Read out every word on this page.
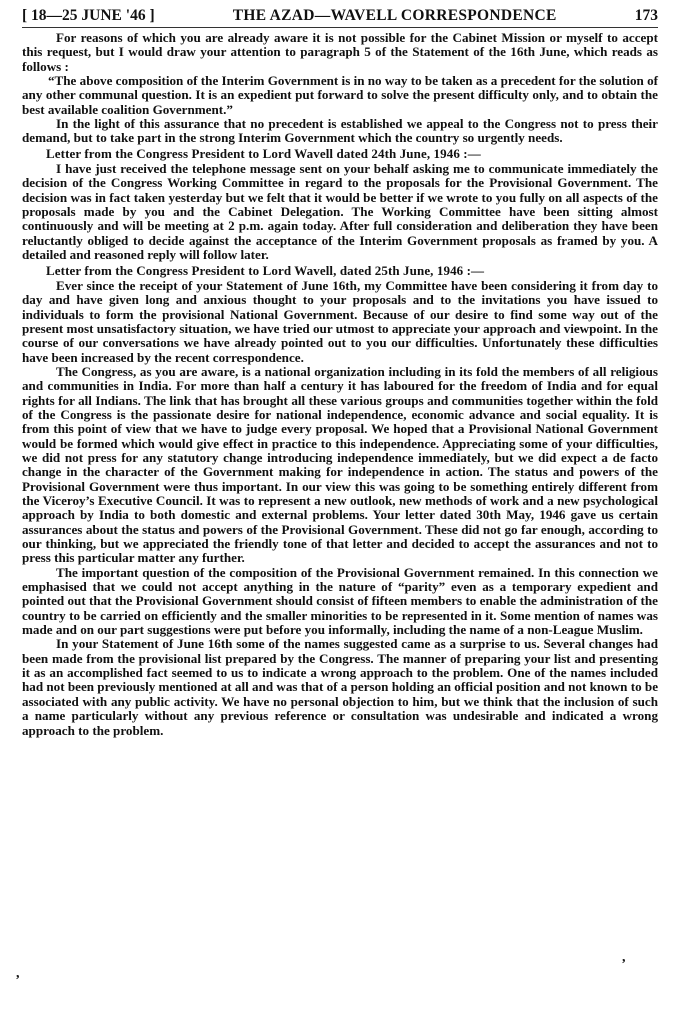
[ 18—25 JUNE '46 ]	THE AZAD—WAVELL CORRESPONDENCE	173

For reasons of which you are already aware it is not possible for the Cabinet Mission or myself to accept this request, but I would draw your attention to paragraph 5 of the Statement of the 16th June, which reads as follows :

“The above composition of the Interim Government is in no way to be taken as a precedent for the solution of any other communal question. It is an expedient put forward to solve the present difficulty only, and to obtain the best available coalition Government.”

In the light of this assurance that no precedent is established we appeal to the Congress not to press their demand, but to take part in the strong Interim Government which the country so urgently needs.

Letter from the Congress President to Lord Wavell dated 24th June, 1946 :—

I have just received the telephone message sent on your behalf asking me to communicate immediately the decision of the Congress Working Committee in regard to the proposals for the Provisional Government. The decision was in fact taken yesterday but we felt that it would be better if we wrote to you fully on all aspects of the proposals made by you and the Cabinet Delegation. The Working Committee have been sitting almost continuously and will be meeting at 2 p.m. again today. After full consideration and deliberation they have been reluctantly obliged to decide against the acceptance of the Interim Government proposals as framed by you. A detailed and reasoned reply will follow later.

Letter from the Congress President to Lord Wavell, dated 25th June, 1946 :—

Ever since the receipt of your Statement of June 16th, my Committee have been considering it from day to day and have given long and anxious thought to your proposals and to the invitations you have issued to individuals to form the provisional National Government. Because of our desire to find some way out of the present most unsatisfactory situation, we have tried our utmost to appreciate your approach and viewpoint. In the course of our conversations we have already pointed out to you our difficulties. Unfortunately these difficulties have been increased by the recent correspondence.

The Congress, as you are aware, is a national organization including in its fold the members of all religious and communities in India. For more than half a century it has laboured for the freedom of India and for equal rights for all Indians. The link that has brought all these various groups and communities together within the fold of the Congress is the passionate desire for national independence, economic advance and social equality. It is from this point of view that we have to judge every proposal. We hoped that a Provisional National Government would be formed which would give effect in practice to this independence. Appreciating some of your difficulties, we did not press for any statutory change introducing independence immediately, but we did expect a de facto change in the character of the Government making for independence in action. The status and powers of the Provisional Government were thus important. In our view this was going to be something entirely different from the Viceroy’s Executive Council. It was to represent a new outlook, new methods of work and a new psychological approach by India to both domestic and external problems. Your letter dated 30th May, 1946 gave us certain assurances about the status and powers of the Provisional Government. These did not go far enough, according to our thinking, but we appreciated the friendly tone of that letter and decided to accept the assurances and not to press this particular matter any further.

The important question of the composition of the Provisional Government remained. In this connection we emphasised that we could not accept anything in the nature of “parity” even as a temporary expedient and pointed out that the Provisional Government should consist of fifteen members to enable the administration of the country to be carried on efficiently and the smaller minorities to be represented in it. Some mention of names was made and on our part suggestions were put before you informally, including the name of a non-League Muslim.

In your Statement of June 16th some of the names suggested came as a surprise to us. Several changes had been made from the provisional list prepared by the Congress. The manner of preparing your list and presenting it as an accomplished fact seemed to us to indicate a wrong approach to the problem. One of the names included had not been previously mentioned at all and was that of a person holding an official position and not known to be associated with any public activity. We have no personal objection to him, but we think that the inclusion of such a name particularly without any previous reference or consultation was undesirable and indicated a wrong approach to the problem.

,
,
